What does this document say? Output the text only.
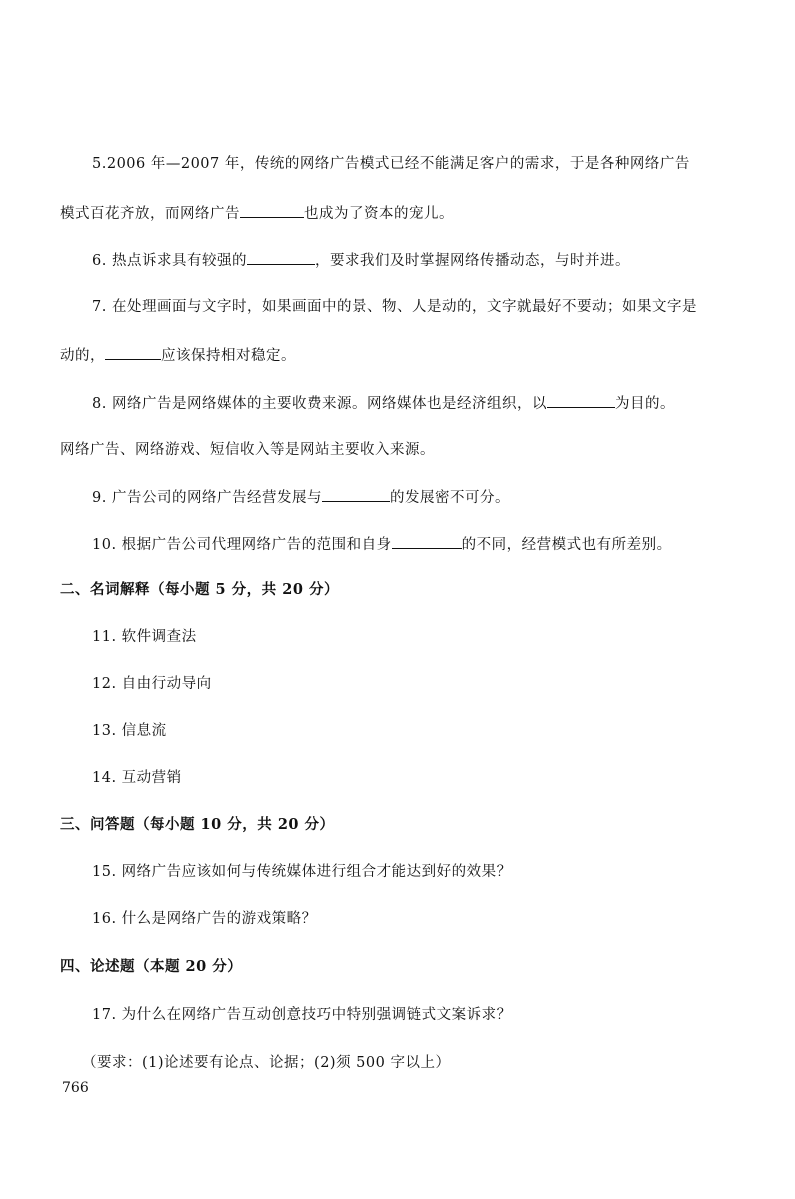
5.2006 年—2007 年，传统的网络广告模式已经不能满足客户的需求，于是各种网络广告
模式百花齐放，而网络广告	也成为了资本的宠儿。
6. 热点诉求具有较强的	，要求我们及时掌握网络传播动态，与时并进。
7. 在处理画面与文字时，如果画面中的景、物、人是动的，文字就最好不要动；如果文字是
动的，	应该保持相对稳定。
8. 网络广告是网络媒体的主要收费来源。网络媒体也是经济组织，以	为目的。
网络广告、网络游戏、短信收入等是网站主要收入来源。
9. 广告公司的网络广告经营发展与	的发展密不可分。
10. 根据广告公司代理网络广告的范围和自身	的不同，经营模式也有所差别。
二、名词解释（每小题 5 分，共 20 分）
11. 软件调查法
12. 自由行动导向
13. 信息流
14. 互动营销
三、问答题（每小题 10 分，共 20 分）
15. 网络广告应该如何与传统媒体进行组合才能达到好的效果？
16. 什么是网络广告的游戏策略？
四、论述题（本题 20 分）
17. 为什么在网络广告互动创意技巧中特别强调链式文案诉求？
（要求：(1)论述要有论点、论据；(2)须 500 字以上）
766
